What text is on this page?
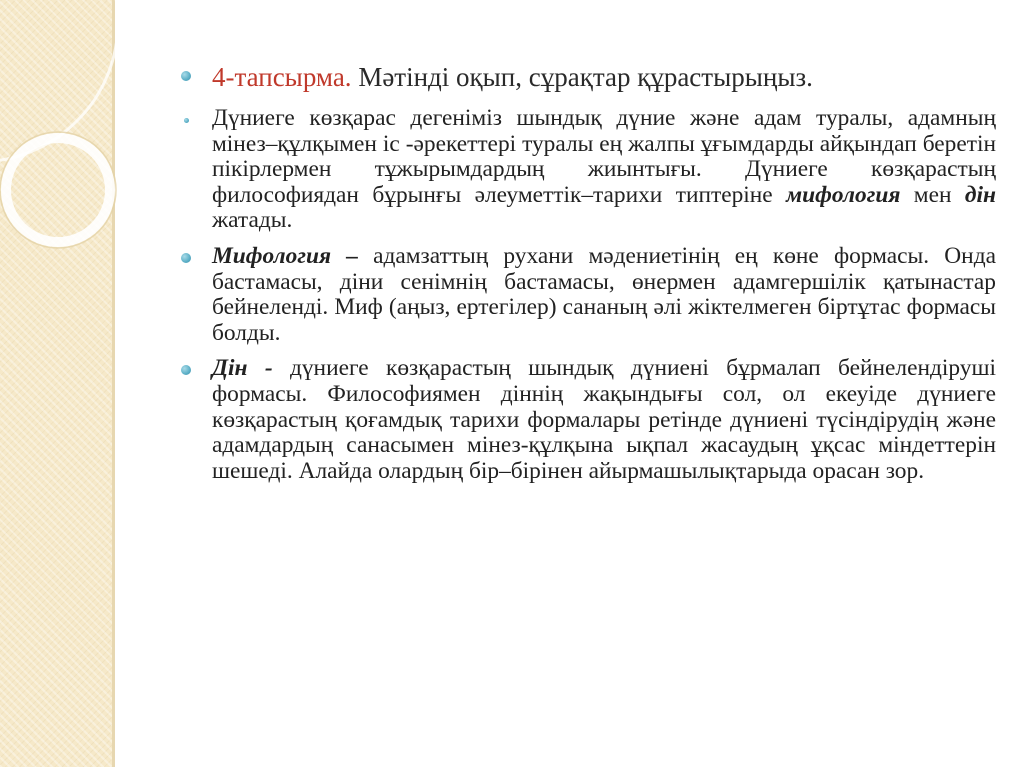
4-тапсырма. Мәтінді оқып, сұрақтар құрастырыңыз.
Дүниеге көзқарас дегеніміз шындық дүние және адам туралы, адамның мінез–құлқымен іс -әрекеттері туралы ең жалпы ұғымдарды айқындап беретін пікірлермен тұжырымдардың жиынтығы. Дүниеге көзқарастың философиядан бұрынғы әлеуметтік–тарихи типтеріне мифология мен дін жатады.
Мифология – адамзаттың рухани мәдениетінің ең көне формасы. Онда бастамасы, діни сенімнің бастамасы, өнермен адамгершілік қатынастар бейнеленді. Миф (аңыз, ертегілер) сананың әлі жіктелмеген біртұтас формасы болды.
Дін - дүниеге көзқарастың шындық дүниені бұрмалап бейнелендіруші формасы. Философиямен діннің жақындығы сол, ол екеуіде дүниеге көзқарастың қоғамдық тарихи формалары ретінде дүниені түсіндірудің және адамдардың санасымен мінез-құлқына ықпал жасаудың ұқсас міндеттерін шешеді. Алайда олардың бір–бірінен айырмашылықтарыда орасан зор.
